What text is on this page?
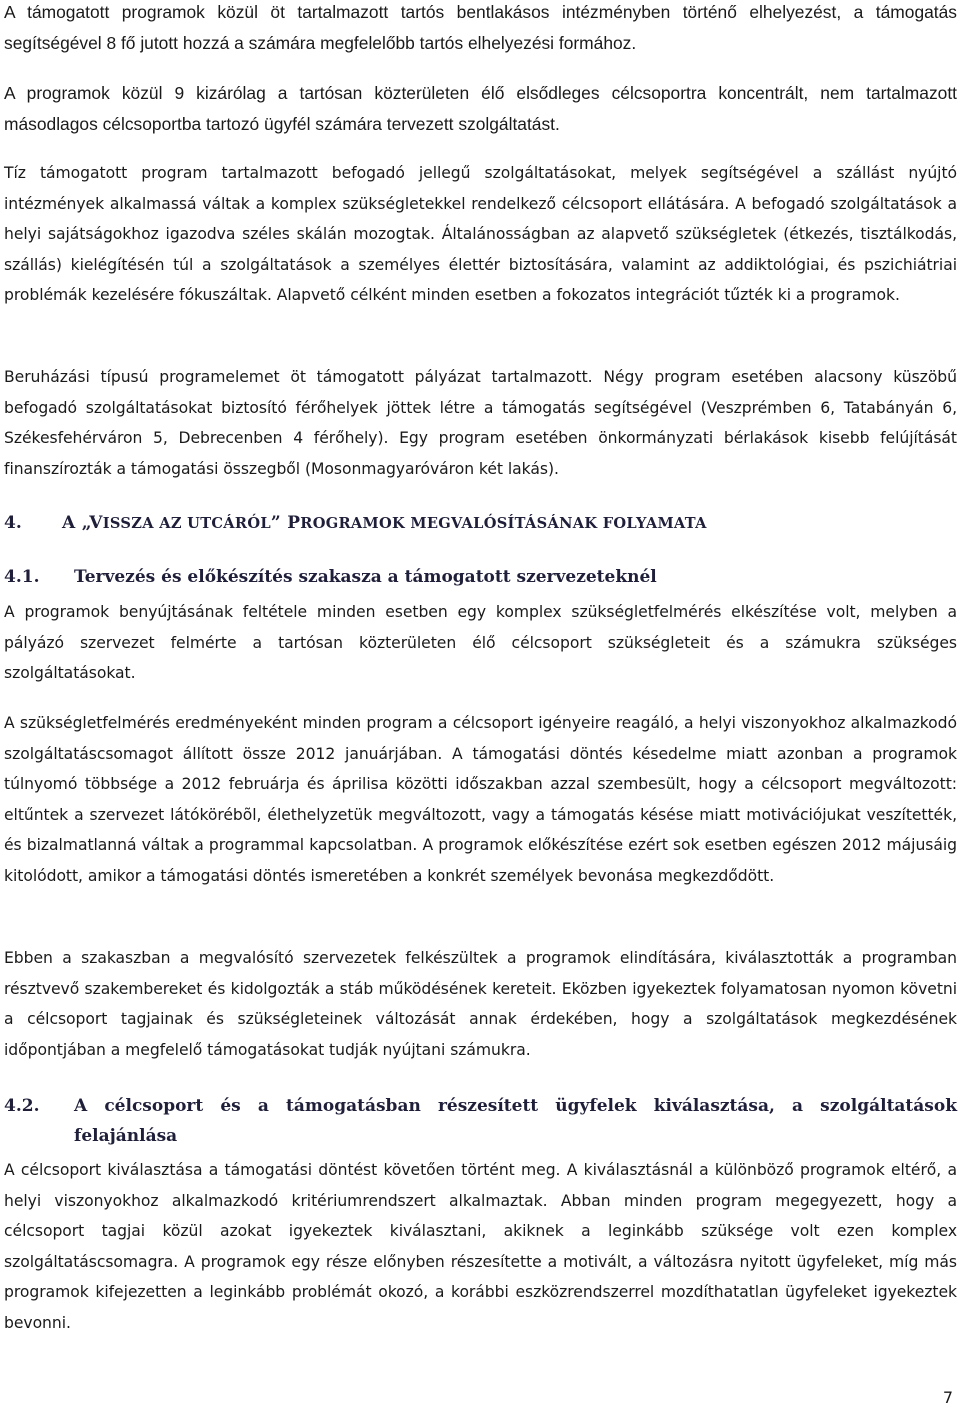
A támogatott programok közül öt tartalmazott tartós bentlakásos intézményben történő elhelyezést, a támogatás segítségével 8 fő jutott hozzá a számára megfelelőbb tartós elhelyezési formához.

A programok közül 9 kizárólag a tartósan közterületen élő elsődleges célcsoportra koncentrált, nem tartalmazott másodlagos célcsoportba tartozó ügyfél számára tervezett szolgáltatást.

Tíz támogatott program tartalmazott befogadó jellegű szolgáltatásokat, melyek segítségével a szállást nyújtó intézmények alkalmassá váltak a komplex szükségletekkel rendelkező célcsoport ellátására. A befogadó szolgáltatások a helyi sajátságokhoz igazodva széles skálán mozogtak. Általánosságban az alapvető szükségletek (étkezés, tisztálkodás, szállás) kielégítésén túl a szolgáltatások a személyes élettér biztosítására, valamint az addiktológiai, és pszichiátriai problémák kezelésére fókuszáltak. Alapvető célként minden esetben a fokozatos integrációt tűzték ki a programok.

Beruházási típusú programelemet öt támogatott pályázat tartalmazott. Négy program esetében alacsony küszöbű befogadó szolgáltatásokat biztosító férőhelyek jöttek létre a támogatás segítségével (Veszprémben 6, Tatabányán 6, Székesfehérváron 5, Debrecenben 4 férőhely). Egy program esetében önkormányzati bérlakások kisebb felújítását finanszírozták a támogatási összegből (Mosonmagyaróváron két lakás).

4.	A „VISSZA AZ UTCÁRÓL” PROGRAMOK MEGVALÓSÍTÁSÁNAK FOLYAMATA
4.1.	Tervezés és előkészítés szakasza a támogatott szervezeteknél

A programok benyújtásának feltétele minden esetben egy komplex szükségletfelmérés elkészítése volt, melyben a pályázó szervezet felmérte a tartósan közterületen élő célcsoport szükségleteit és a számukra szükséges szolgáltatásokat.

A szükségletfelmérés eredményeként minden program a célcsoport igényeire reagáló, a helyi viszonyokhoz alkalmazkodó szolgáltatáscsomagot állított össze 2012 januárjában. A támogatási döntés késedelme miatt azonban a programok túlnyomó többsége a 2012 februárja és áprilisa közötti időszakban azzal szembesült, hogy a célcsoport megváltozott: eltűntek a szervezet látókörébõl, élethelyzetük megváltozott, vagy a támogatás késése miatt motivációjukat veszítették, és bizalmatlanná váltak a programmal kapcsolatban. A programok előkészítése ezért sok esetben egészen 2012 májusáig kitolódott, amikor a támogatási döntés ismeretében a konkrét személyek bevonása megkezdődött.

Ebben a szakaszban a megvalósító szervezetek felkészültek a programok elindítására, kiválasztották a programban résztvevő szakembereket és kidolgozták a stáb működésének kereteit. Eközben igyekeztek folyamatosan nyomon követni a célcsoport tagjainak és szükségleteinek változását annak érdekében, hogy a szolgáltatások megkezdésének időpontjában a megfelelő támogatásokat tudják nyújtani számukra.

4.2.	A célcsoport és a támogatásban részesített ügyfelek kiválasztása, a szolgáltatások felajánlása

A célcsoport kiválasztása a támogatási döntést követően történt meg. A kiválasztásnál a különböző programok eltérő, a helyi viszonyokhoz alkalmazkodó kritériumrendszert alkalmaztak. Abban minden program megegyezett, hogy a célcsoport tagjai közül azokat igyekeztek kiválasztani, akiknek a leginkább szüksége volt ezen komplex szolgáltatáscsomagra. A programok egy része előnyben részesítette a motivált, a változásra nyitott ügyfeleket, míg más programok kifejezetten a leginkább problémát okozó, a korábbi eszközrendszerrel mozdíthatatlan ügyfeleket igyekeztek bevonni.

7
